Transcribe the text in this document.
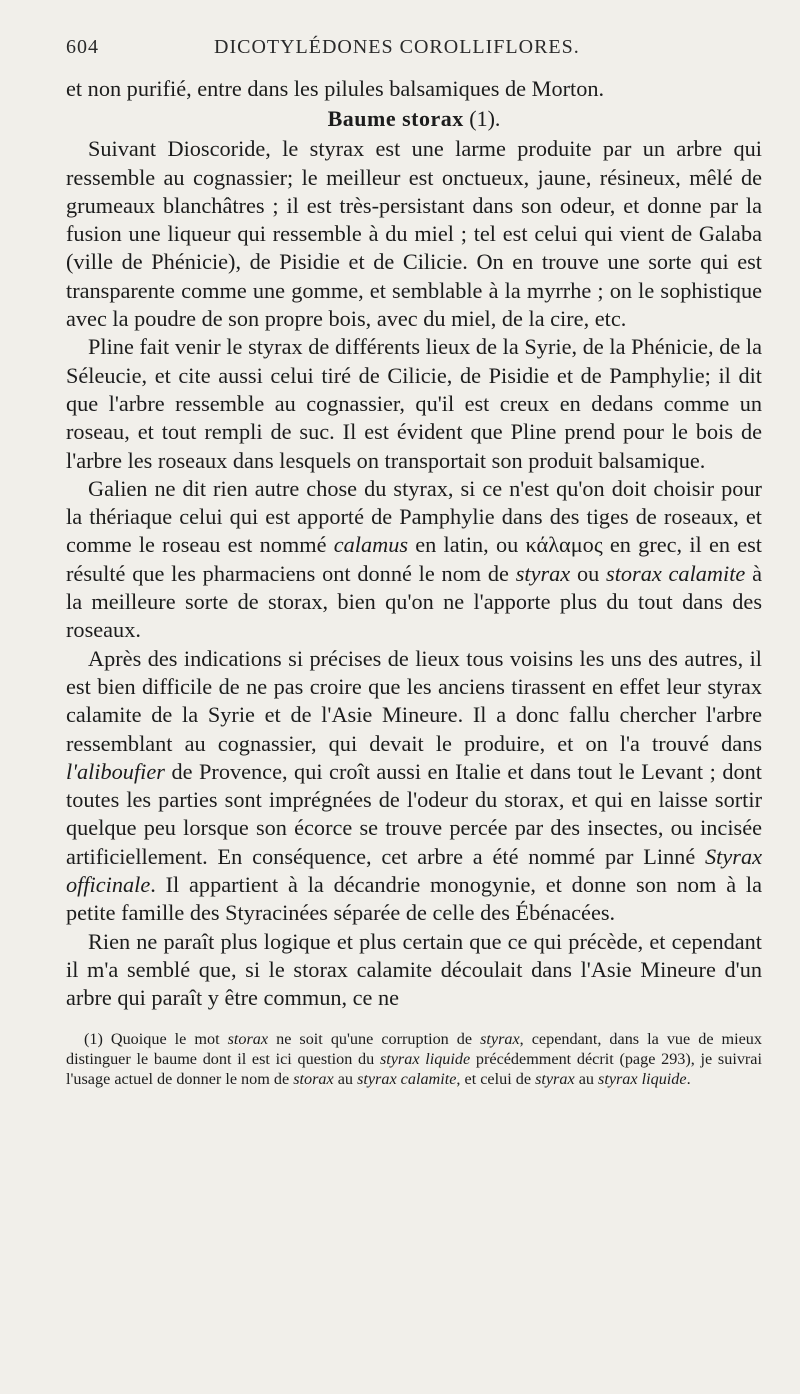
604	DICOTYLÉDONES COROLLIFLORES.

et non purifié, entre dans les pilules balsamiques de Morton.

Baume storax (1).

Suivant Dioscoride, le styrax est une larme produite par un arbre qui ressemble au cognassier; le meilleur est onctueux, jaune, résineux, mêlé de grumeaux blanchâtres ; il est très-persistant dans son odeur, et donne par la fusion une liqueur qui ressemble à du miel ; tel est celui qui vient de Galaba (ville de Phénicie), de Pisidie et de Cilicie. On en trouve une sorte qui est transparente comme une gomme, et semblable à la myrrhe ; on le sophistique avec la poudre de son propre bois, avec du miel, de la cire, etc.

Pline fait venir le styrax de différents lieux de la Syrie, de la Phénicie, de la Séleucie, et cite aussi celui tiré de Cilicie, de Pisidie et de Pamphylie; il dit que l'arbre ressemble au cognassier, qu'il est creux en dedans comme un roseau, et tout rempli de suc. Il est évident que Pline prend pour le bois de l'arbre les roseaux dans lesquels on transportait son produit balsamique.

Galien ne dit rien autre chose du styrax, si ce n'est qu'on doit choisir pour la thériaque celui qui est apporté de Pamphylie dans des tiges de roseaux, et comme le roseau est nommé calamus en latin, ou κάλαμος en grec, il en est résulté que les pharmaciens ont donné le nom de styrax ou storax calamite à la meilleure sorte de storax, bien qu'on ne l'apporte plus du tout dans des roseaux.

Après des indications si précises de lieux tous voisins les uns des autres, il est bien difficile de ne pas croire que les anciens tirassent en effet leur styrax calamite de la Syrie et de l'Asie Mineure. Il a donc fallu chercher l'arbre ressemblant au cognassier, qui devait le produire, et on l'a trouvé dans l'aliboufier de Provence, qui croît aussi en Italie et dans tout le Levant ; dont toutes les parties sont imprégnées de l'odeur du storax, et qui en laisse sortir quelque peu lorsque son écorce se trouve percée par des insectes, ou incisée artificiellement. En conséquence, cet arbre a été nommé par Linné Styrax officinale. Il appartient à la décandrie monogynie, et donne son nom à la petite famille des Styracinées séparée de celle des Ébénacées.

Rien ne paraît plus logique et plus certain que ce qui précède, et cependant il m'a semblé que, si le storax calamite découlait dans l'Asie Mineure d'un arbre qui paraît y être commun, ce ne

(1) Quoique le mot storax ne soit qu'une corruption de styrax, cependant, dans la vue de mieux distinguer le baume dont il est ici question du styrax liquide précédemment décrit (page 293), je suivrai l'usage actuel de donner le nom de storax au styrax calamite, et celui de styrax au styrax liquide.
